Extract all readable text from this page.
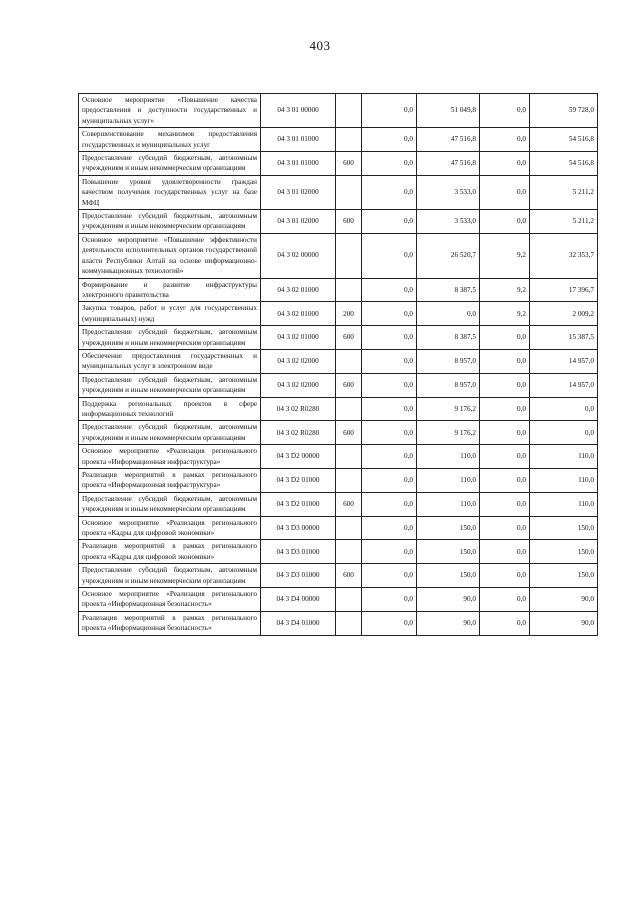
403
Основное мероприятие «Повышение качества предоставления и доступности государственных и муниципальных услуг»	04 3 01 00000		0,0	51 049,8	0,0	59 728,0
Совершенствование механизмов предоставления государственных и муниципальных услуг	04 3 01 01000		0,0	47 516,8	0,0	54 516,8
Предоставление субсидий бюджетным, автономным учреждениям и иным некоммерческим организациям	04 3 01 01000	600	0,0	47 516,8	0,0	54 516,8
Повышение уровня удовлетворенности граждан качеством получения государственных услуг на базе МФЦ	04 3 01 02000		0,0	3 533,0	0,0	5 211,2
Предоставление субсидий бюджетным, автономным учреждениям и иным некоммерческим организациям	04 3 01 02000	600	0,0	3 533,0	0,0	5 211,2
Основное мероприятие «Повышение эффективности деятельности исполнительных органов государственной власти Республики Алтай на основе информационно-коммуникационных технологий»	04 3 02 00000		0,0	26 520,7	9,2	32 353,7
Формирование и развитие инфраструктуры электронного правительства	04 3 02 01000		0,0	8 387,5	9,2	17 396,7
Закупка товаров, работ и услуг для государственных (муниципальных) нужд	04 3 02 01000	200	0,0	0,0	9,2	2 009,2
Предоставление субсидий бюджетным, автономным учреждениям и иным некоммерческим организациям	04 3 02 01000	600	0,0	8 387,5	0,0	15 387,5
Обеспечение предоставления государственных и муниципальных услуг в электронном виде	04 3 02 02000		0,0	8 957,0	0,0	14 957,0
Предоставление субсидий бюджетным, автономным учреждениям и иным некоммерческим организациям	04 3 02 02000	600	0,0	8 957,0	0,0	14 957,0
Поддержка региональных проектов в сфере информационных технологий	04 3 02 R0280		0,0	9 176,2	0,0	0,0
Предоставление субсидий бюджетным, автономным учреждениям и иным некоммерческим организациям	04 3 02 R0280	600	0,0	9 176,2	0,0	0,0
Основное мероприятие «Реализация регионального проекта «Информационная инфраструктура»	04 3 D2 00000		0,0	110,0	0,0	110,0
Реализация мероприятий в рамках регионального проекта «Информационная инфраструктура»	04 3 D2 01000		0,0	110,0	0,0	110,0
Предоставление субсидий бюджетным, автономным учреждениям и иным некоммерческим организациям	04 3 D2 01000	600	0,0	110,0	0,0	110,0
Основное мероприятие «Реализация регионального проекта «Кадры для цифровой экономики»	04 3 D3 00000		0,0	150,0	0,0	150,0
Реализация мероприятий в рамках регионального проекта «Кадры для цифровой экономики»	04 3 D3 01000		0,0	150,0	0,0	150,0
Предоставление субсидий бюджетным, автономным учреждениям и иным некоммерческим организациям	04 3 D3 01000	600	0,0	150,0	0,0	150,0
Основное мероприятие «Реализация регионального проекта «Информационная безопасность»	04 3 D4 00000		0,0	90,0	0,0	90,0
Реализация мероприятий в рамках регионального проекта «Информационная безопасность»	04 3 D4 01000		0,0	90,0	0,0	90,0
